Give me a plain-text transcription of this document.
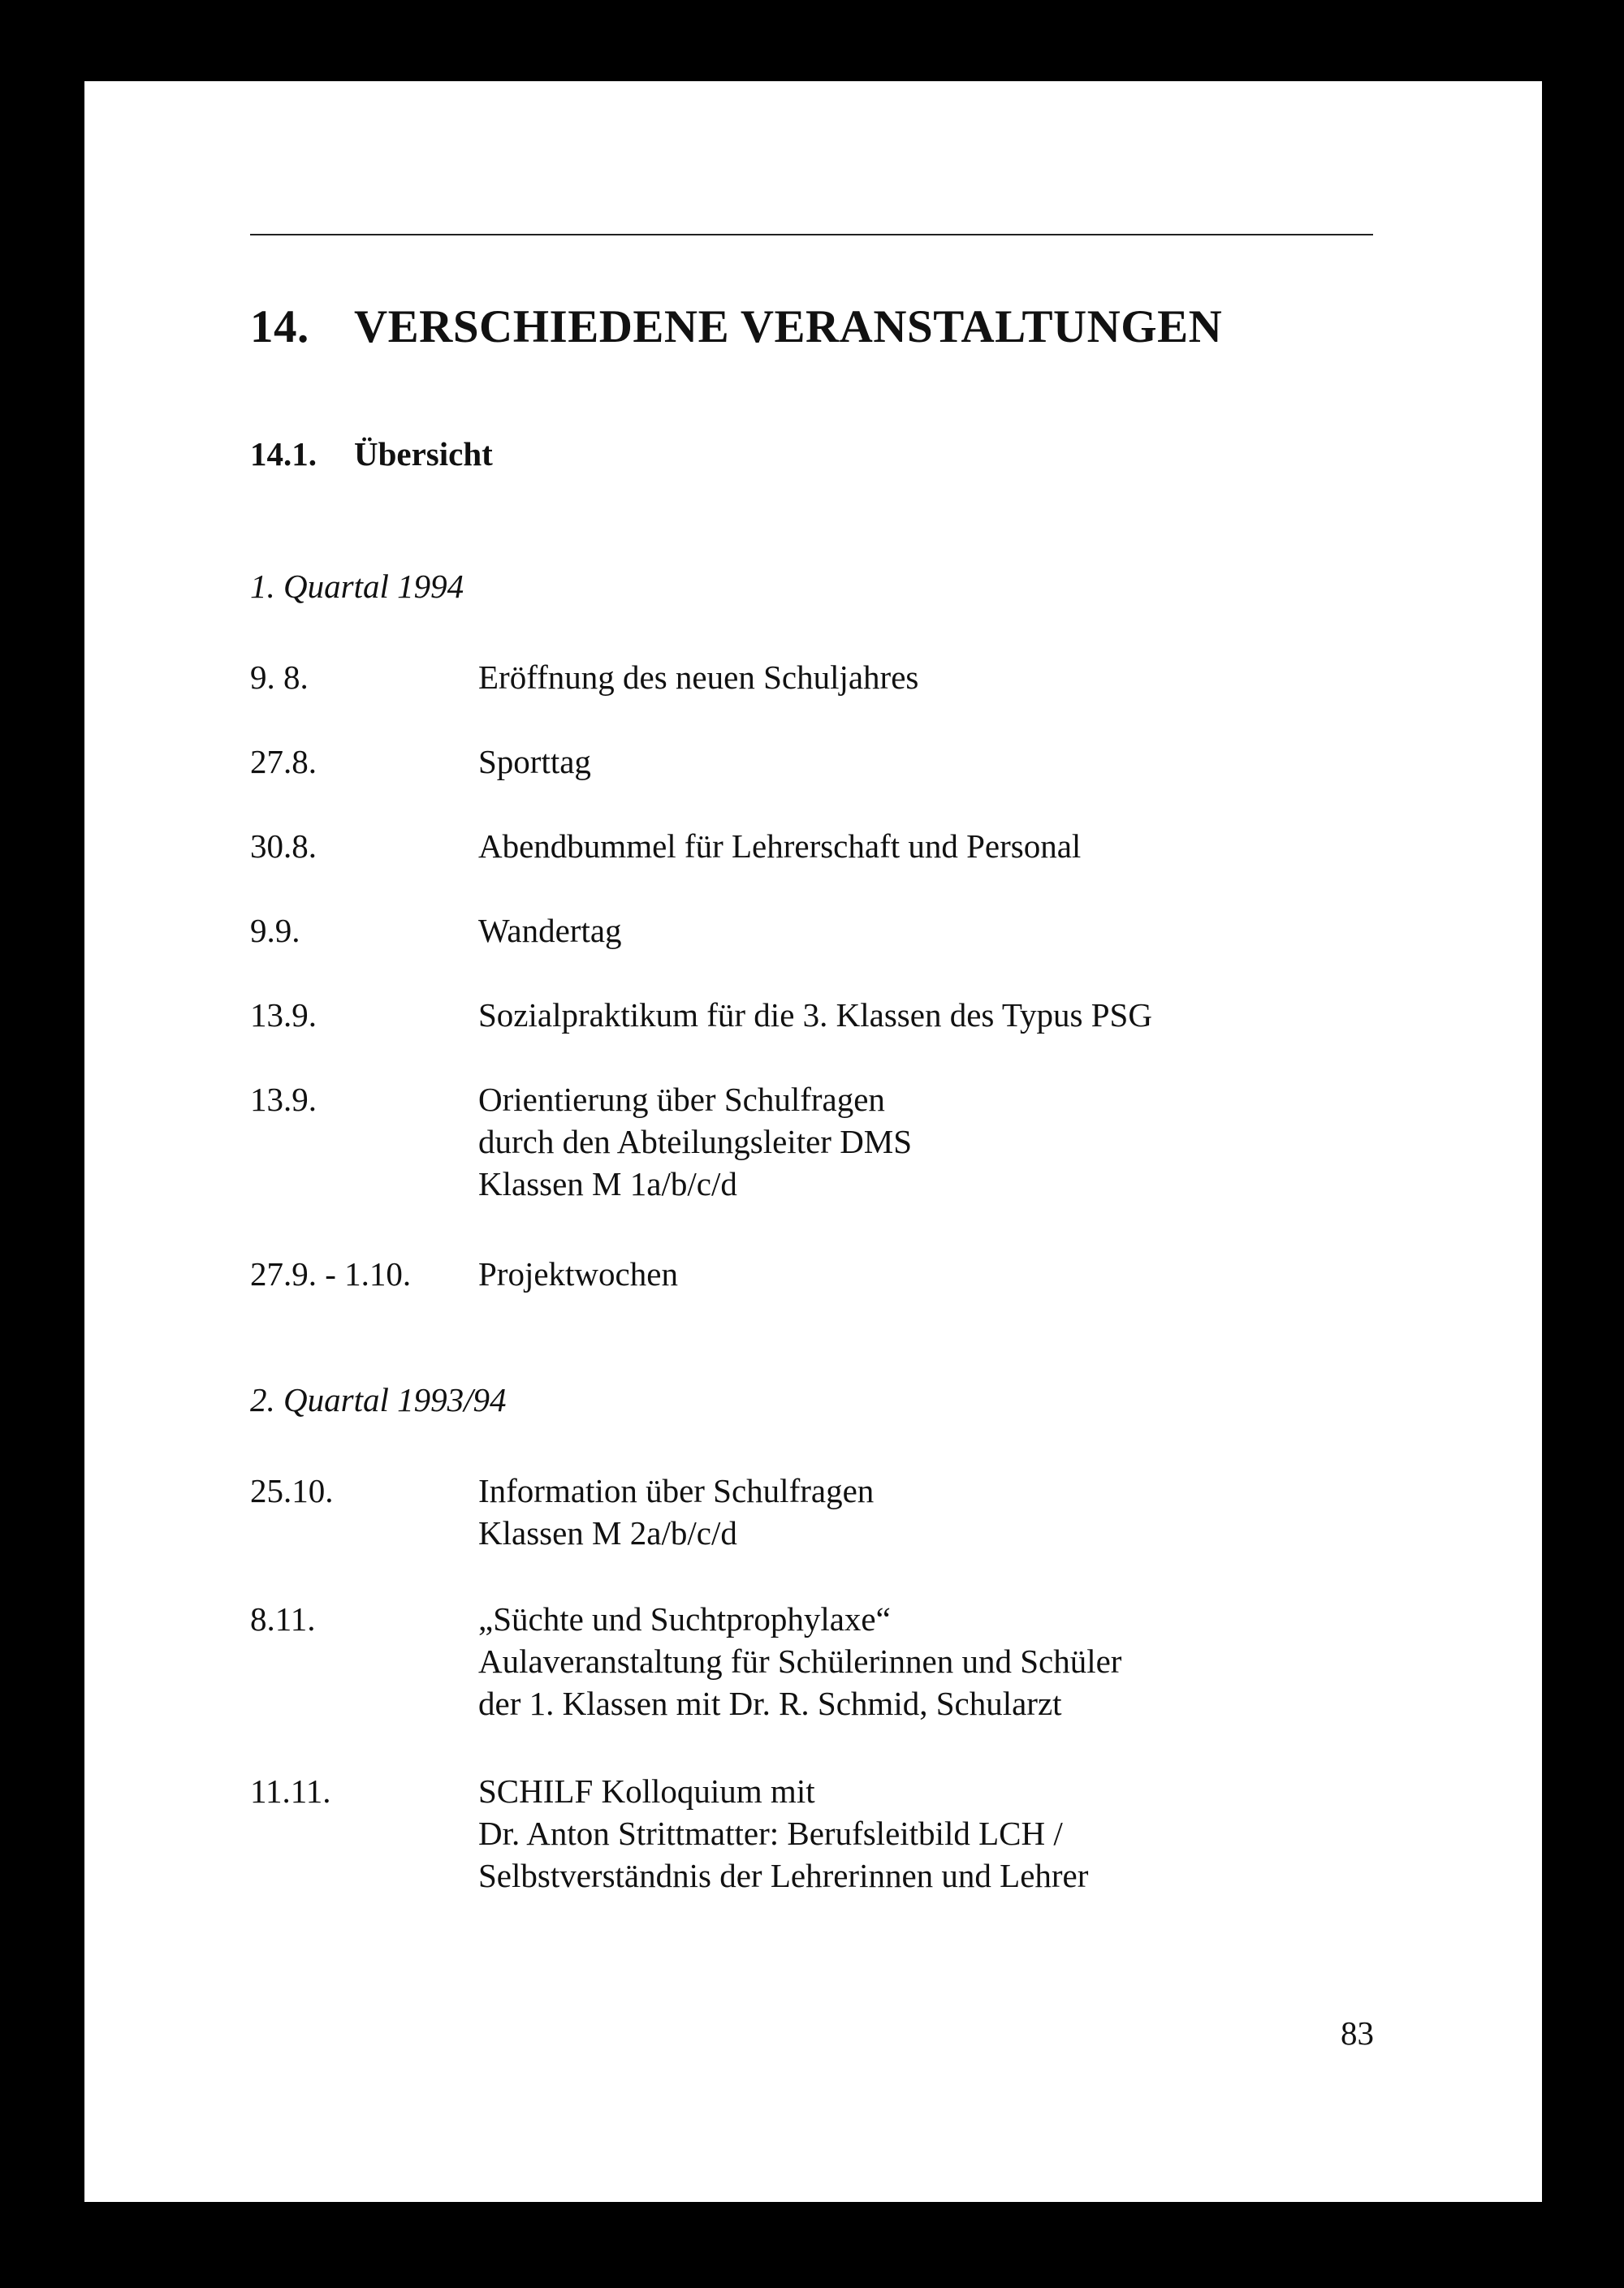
14. VERSCHIEDENE VERANSTALTUNGEN
14.1. Übersicht
1. Quartal 1994
9. 8.	Eröffnung des neuen Schuljahres
27.8.	Sporttag
30.8.	Abendbummel für Lehrerschaft und Personal
9.9.	Wandertag
13.9.	Sozialpraktikum für die 3. Klassen des Typus PSG
13.9.	Orientierung über Schulfragen
durch den Abteilungsleiter DMS
Klassen M 1a/b/c/d
27.9. - 1.10. Projektwochen
2. Quartal 1993/94
25.10.	Information über Schulfragen
Klassen M 2a/b/c/d
8.11.	„Süchte und Suchtprophylaxe“
Aulaveranstaltung für Schülerinnen und Schüler
der 1. Klassen mit Dr. R. Schmid, Schularzt
11.11.	SCHILF Kolloquium mit
Dr. Anton Strittmatter: Berufsleitbild LCH /
Selbstverständnis der Lehrerinnen und Lehrer
83
